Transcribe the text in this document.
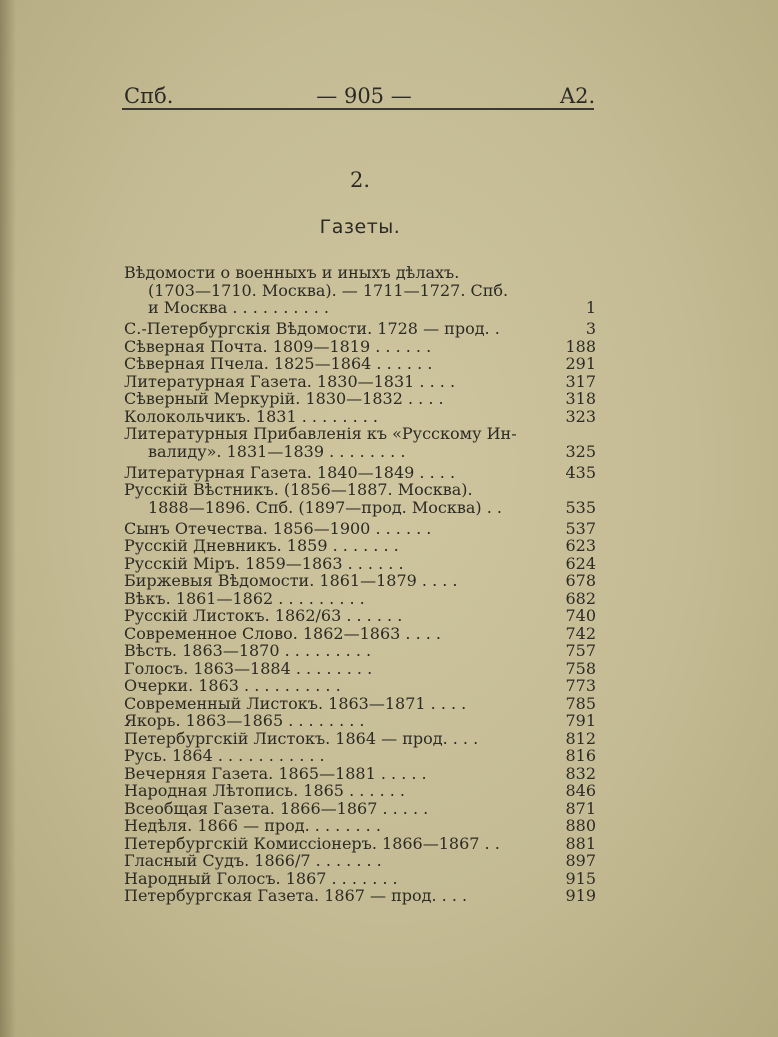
Спб.	— 905 —	A2.
2.
Газеты.
Вѣдомости о военныхъ и иныхъ дѣлахъ.
(1703—1710. Москва). — 1711—1727. Спб.
и Москва . . . . . . . . . .	1
С.-Петербургскія Вѣдомости. 1728 — прод. .	3
Сѣверная Почта. 1809—1819 . . . . . .	188
Сѣверная Пчела. 1825—1864 . . . . . .	291
Литературная Газета. 1830—1831 . . . .	317
Сѣверный Меркурій. 1830—1832 . . . .	318
Колокольчикъ. 1831 . . . . . . . .	323
Литературныя Прибавленія къ «Русскому Ин-
валиду». 1831—1839 . . . . . . . .	325
Литературная Газета. 1840—1849 . . . .	435
Русскій Вѣстникъ. (1856—1887. Москва).
1888—1896. Спб. (1897—прод. Москва) . .	535
Сынъ Отечества. 1856—1900 . . . . . .	537
Русскій Дневникъ. 1859 . . . . . . .	623
Русскій Міръ. 1859—1863 . . . . . .	624
Биржевыя Вѣдомости. 1861—1879 . . . .	678
Вѣкъ. 1861—1862 . . . . . . . . .	682
Русскій Листокъ. 1862/63 . . . . . .	740
Современное Слово. 1862—1863 . . . .	742
Вѣсть. 1863—1870 . . . . . . . . .	757
Голосъ. 1863—1884 . . . . . . . .	758
Очерки. 1863 . . . . . . . . . .	773
Современный Листокъ. 1863—1871 . . . .	785
Якорь. 1863—1865 . . . . . . . .	791
Петербургскій Листокъ. 1864 — прод. . . .	812
Русь. 1864 . . . . . . . . . . .	816
Вечерняя Газета. 1865—1881 . . . . .	832
Народная Лѣтопись. 1865 . . . . . .	846
Всеобщая Газета. 1866—1867 . . . . .	871
Недѣля. 1866 — прод. . . . . . . .	880
Петербургскій Комиссіонеръ. 1866—1867 . .	881
Гласный Судъ. 1866/7 . . . . . . .	897
Народный Голосъ. 1867 . . . . . . .	915
Петербургская Газета. 1867 — прод. . . .	919
